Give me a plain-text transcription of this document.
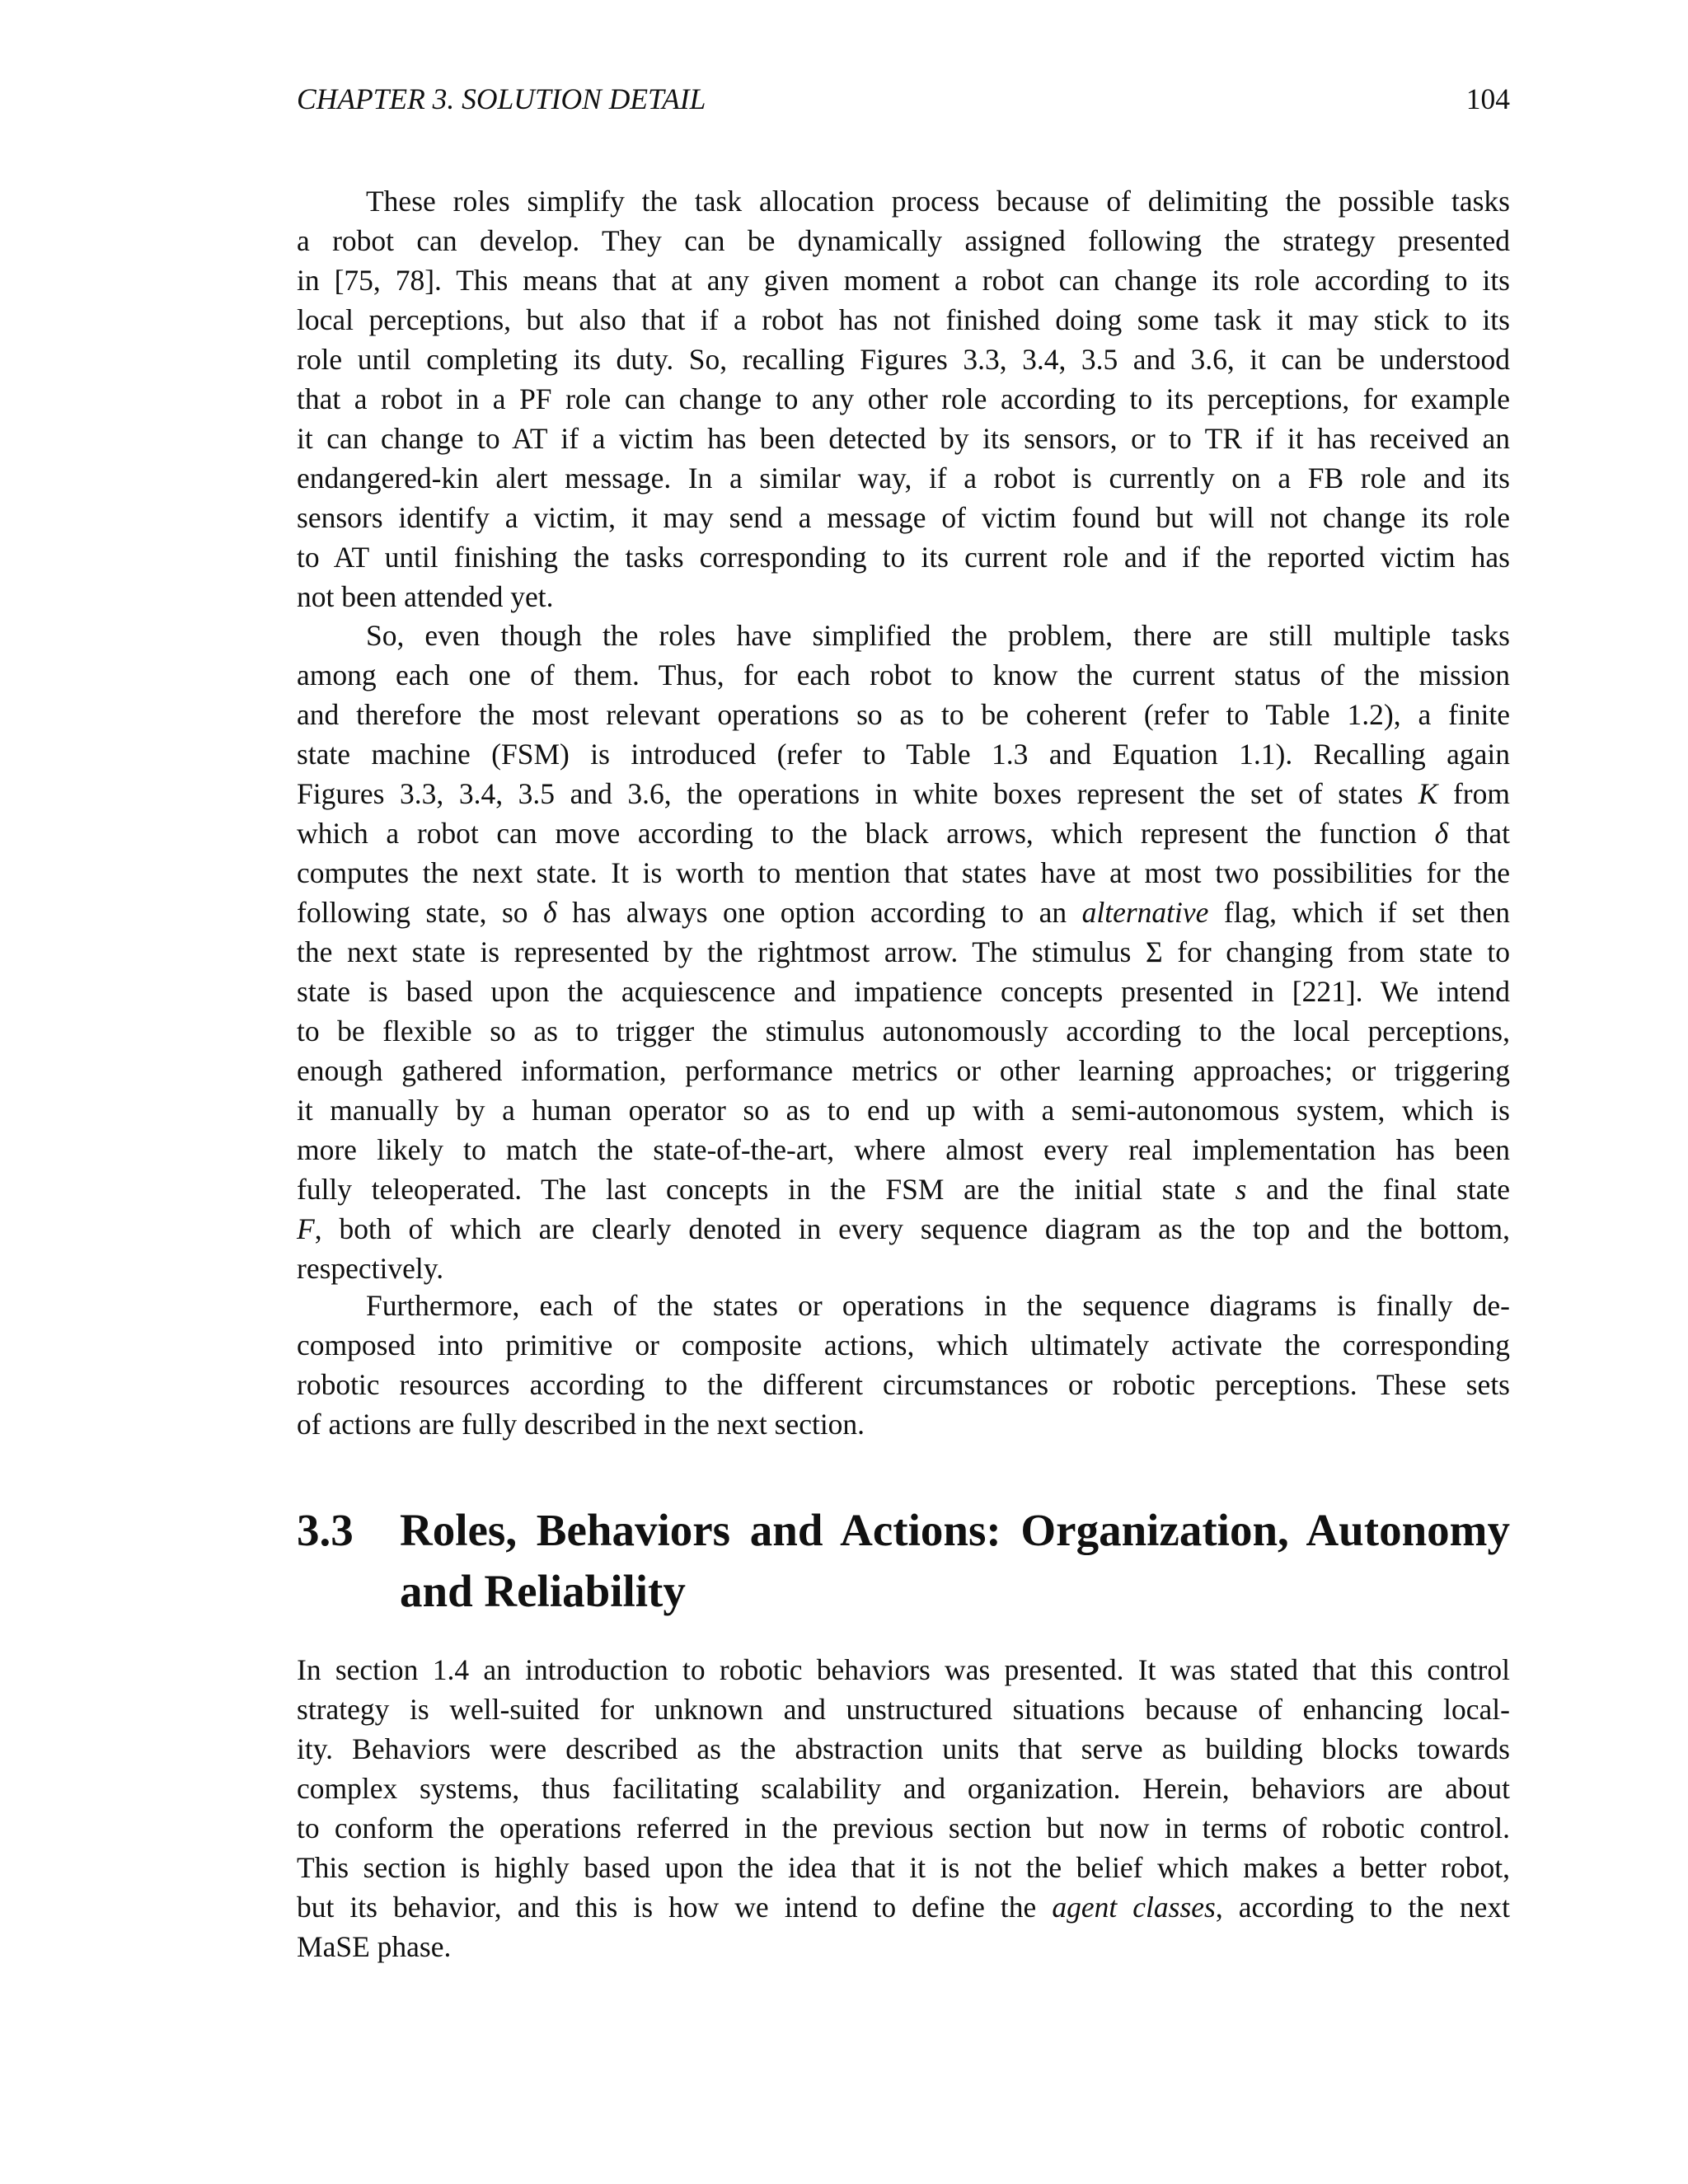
CHAPTER 3. SOLUTION DETAIL	104
These roles simplify the task allocation process because of delimiting the possible tasks
a robot can develop. They can be dynamically assigned following the strategy presented
in [75, 78]. This means that at any given moment a robot can change its role according to its
local perceptions, but also that if a robot has not finished doing some task it may stick to its
role until completing its duty. So, recalling Figures 3.3, 3.4, 3.5 and 3.6, it can be understood
that a robot in a PF role can change to any other role according to its perceptions, for example
it can change to AT if a victim has been detected by its sensors, or to TR if it has received an
endangered-kin alert message. In a similar way, if a robot is currently on a FB role and its
sensors identify a victim, it may send a message of victim found but will not change its role
to AT until finishing the tasks corresponding to its current role and if the reported victim has
not been attended yet.
So, even though the roles have simplified the problem, there are still multiple tasks
among each one of them. Thus, for each robot to know the current status of the mission
and therefore the most relevant operations so as to be coherent (refer to Table 1.2), a finite
state machine (FSM) is introduced (refer to Table 1.3 and Equation 1.1). Recalling again
Figures 3.3, 3.4, 3.5 and 3.6, the operations in white boxes represent the set of states K from
which a robot can move according to the black arrows, which represent the function δ that
computes the next state. It is worth to mention that states have at most two possibilities for the
following state, so δ has always one option according to an alternative flag, which if set then
the next state is represented by the rightmost arrow. The stimulus Σ for changing from state to
state is based upon the acquiescence and impatience concepts presented in [221]. We intend
to be flexible so as to trigger the stimulus autonomously according to the local perceptions,
enough gathered information, performance metrics or other learning approaches; or triggering
it manually by a human operator so as to end up with a semi-autonomous system, which is
more likely to match the state-of-the-art, where almost every real implementation has been
fully teleoperated. The last concepts in the FSM are the initial state s and the final state
F, both of which are clearly denoted in every sequence diagram as the top and the bottom,
respectively.
Furthermore, each of the states or operations in the sequence diagrams is finally de-
composed into primitive or composite actions, which ultimately activate the corresponding
robotic resources according to the different circumstances or robotic perceptions. These sets
of actions are fully described in the next section.
3.3 Roles, Behaviors and Actions: Organization, Autonomy
and Reliability
In section 1.4 an introduction to robotic behaviors was presented. It was stated that this control
strategy is well-suited for unknown and unstructured situations because of enhancing local-
ity. Behaviors were described as the abstraction units that serve as building blocks towards
complex systems, thus facilitating scalability and organization. Herein, behaviors are about
to conform the operations referred in the previous section but now in terms of robotic control.
This section is highly based upon the idea that it is not the belief which makes a better robot,
but its behavior, and this is how we intend to define the agent classes, according to the next
MaSE phase.
